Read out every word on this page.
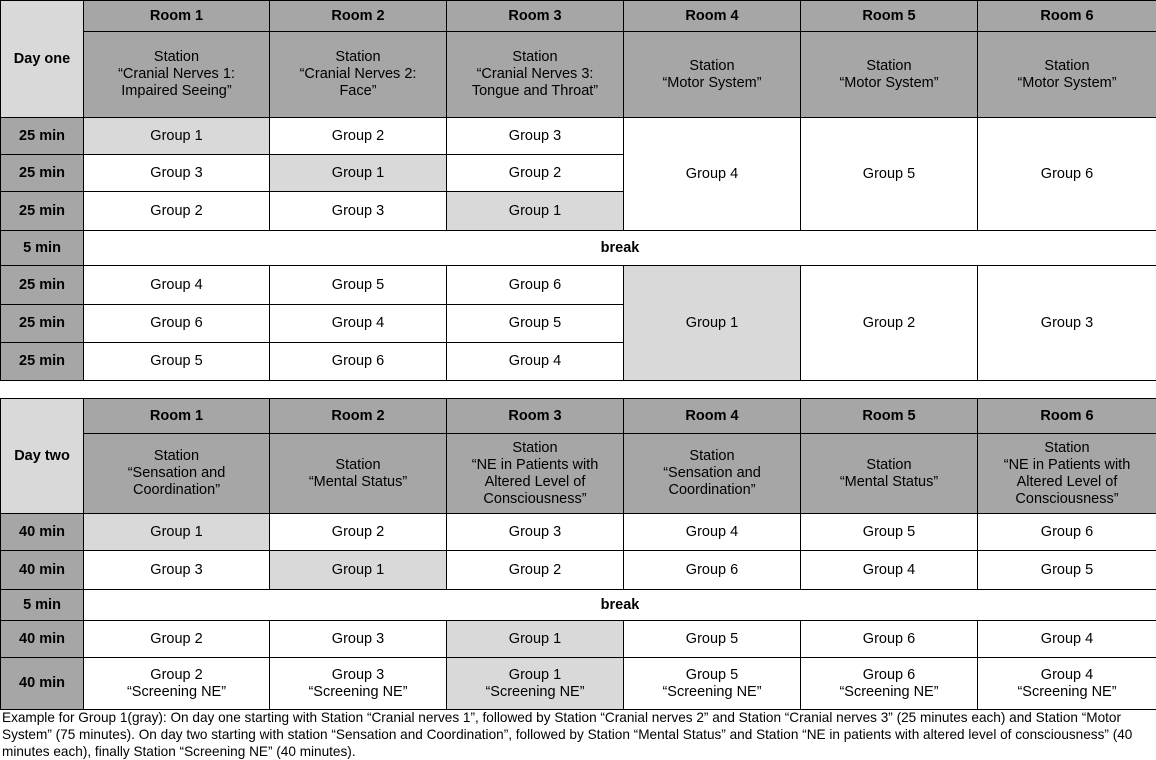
Day one	Room 1	Room 2	Room 3	Room 4	Room 5	Room 6
	Station
“Cranial Nerves 1:
Impaired Seeing”	Station
“Cranial Nerves 2:
Face”	Station
“Cranial Nerves 3:
Tongue and Throat”	Station
“Motor System”	Station
“Motor System”	Station
“Motor System”
25 min	Group 1	Group 2	Group 3	Group 4	Group 5	Group 6
25 min	Group 3	Group 1	Group 2			
25 min	Group 2	Group 3	Group 1			
5 min	break					
25 min	Group 4	Group 5	Group 6	Group 1	Group 2	Group 3
25 min	Group 6	Group 4	Group 5			
25 min	Group 5	Group 6	Group 4			
Day two	Room 1	Room 2	Room 3	Room 4	Room 5	Room 6
	Station
“Sensation and
Coordination”	Station
“Mental Status”	Station
“NE in Patients with
Altered Level of
Consciousness”	Station
“Sensation and
Coordination”	Station
“Mental Status”	Station
“NE in Patients with
Altered Level of
Consciousness”
40 min	Group 1	Group 2	Group 3	Group 4	Group 5	Group 6
40 min	Group 3	Group 1	Group 2	Group 6	Group 4	Group 5
5 min	break					
40 min	Group 2	Group 3	Group 1	Group 5	Group 6	Group 4
40 min	Group 2
“Screening NE”	Group 3
“Screening NE”	Group 1
“Screening NE”	Group 5
“Screening NE”	Group 6
“Screening NE”	Group 4
“Screening NE”
Example for Group 1(gray): On day one starting with Station “Cranial nerves 1”, followed by Station “Cranial nerves 2” and Station “Cranial nerves 3” (25 minutes each) and Station “Motor System” (75 minutes). On day two starting with station “Sensation and Coordination”, followed by Station “Mental Status” and Station “NE in patients with altered level of consciousness” (40 minutes each), finally Station “Screening NE” (40 minutes).
